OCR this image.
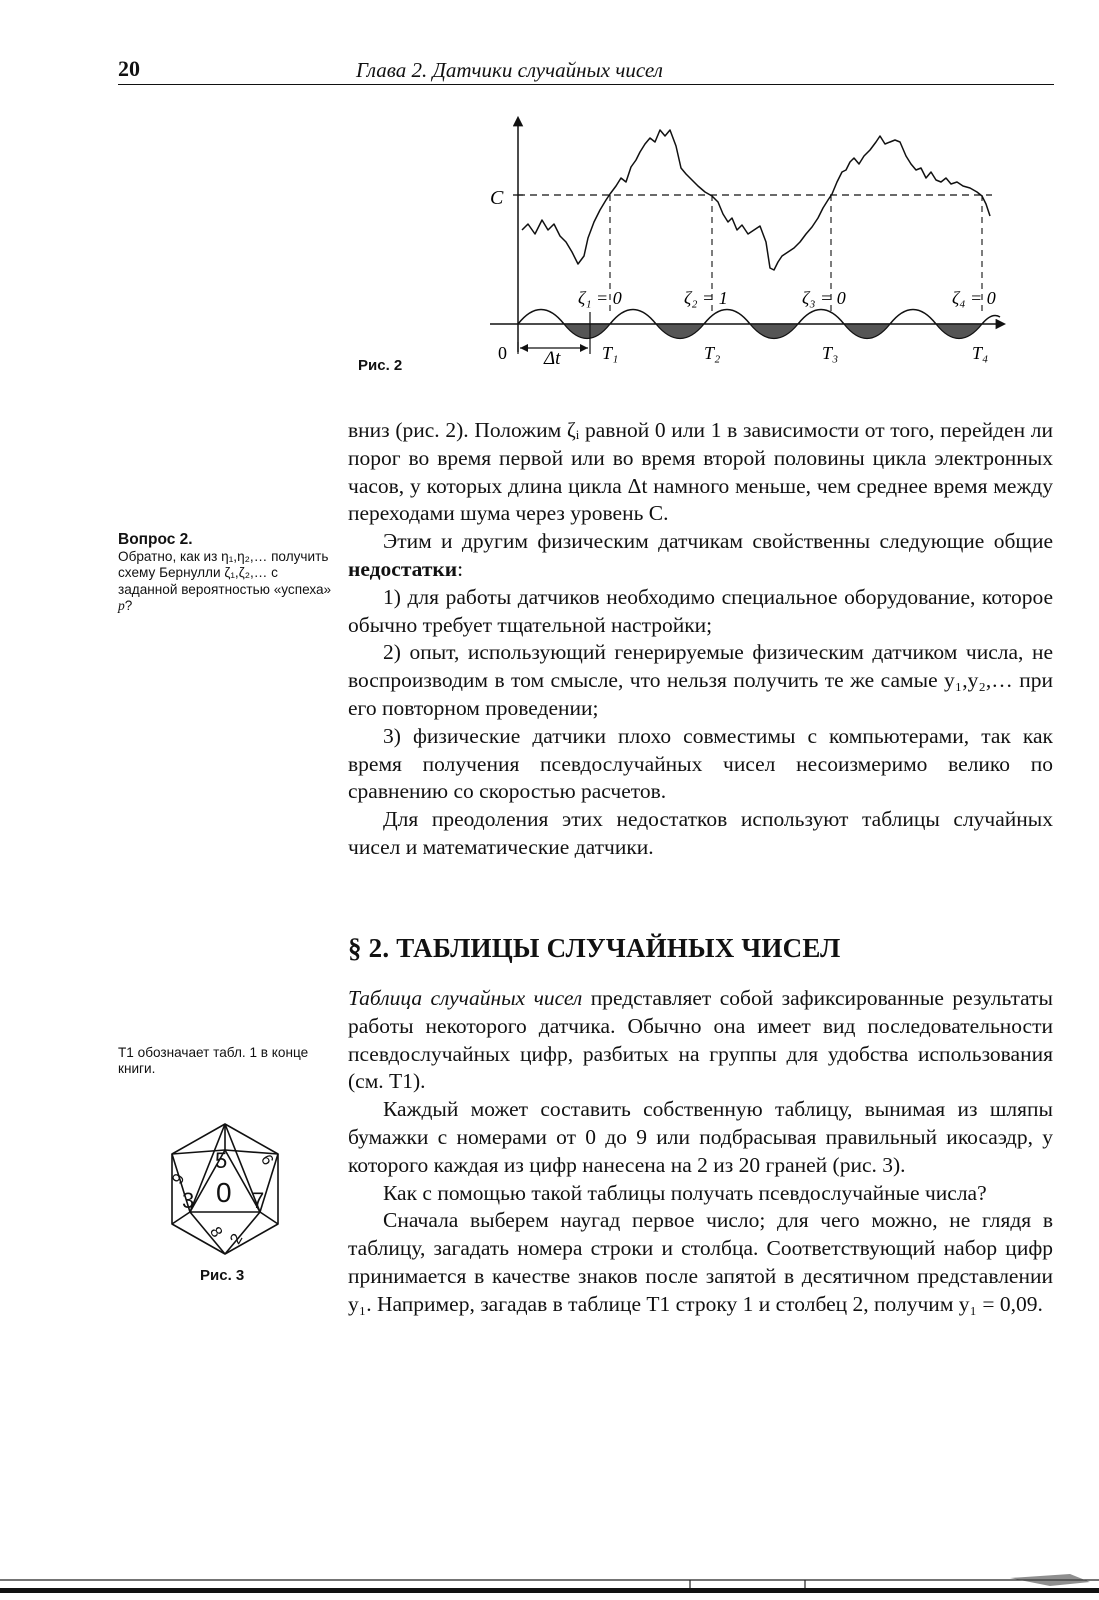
20	Глава 2. Датчики случайных чисел
C
0 Δt
ζ₁ = 0	ζ₂ = 1	ζ₃ = 0	ζ₄ = 0
T₁	T₂	T₃	T₄
Рис. 2

вниз (рис. 2). Положим ζᵢ равной 0 или 1 в зависимости от того, перейден ли порог во время первой или во время второй половины цикла электронных часов, у которых длина цикла Δt намного меньше, чем среднее время между переходами шума через уровень C.

Этим и другим физическим датчикам свойственны следующие общие недостатки:

1) для работы датчиков необходимо специальное оборудование, которое обычно требует тщательной настройки;

2) опыт, использующий генерируемые физическим датчиком числа, не воспроизводим в том смысле, что нельзя получить те же самые y₁,y₂,… при его повторном проведении;

3) физические датчики плохо совместимы с компьютерами, так как время получения псевдослучайных чисел несоизмеримо велико по сравнению со скоростью расчетов.

Для преодоления этих недостатков используют таблицы случайных чисел и математические датчики.

§ 2. ТАБЛИЦЫ СЛУЧАЙНЫХ ЧИСЕЛ

Таблица случайных чисел представляет собой зафиксированные результаты работы некоторого датчика. Обычно она имеет вид последовательности псевдослучайных цифр, разбитых на группы для удобства использования (см. T1).

Каждый может составить собственную таблицу, вынимая из шляпы бумажки с номерами от 0 до 9 или подбрасывая правильный икосаэдр, у которого каждая из цифр нанесена на 2 из 20 граней (рис. 3).

Как с помощью такой таблицы получать псевдослучайные числа?

Сначала выберем наугад первое число; для чего можно, не глядя в таблицу, загадать номера строки и столбца. Соответствующий набор цифр принимается в качестве знаков после запятой в десятичном представлении y₁. Например, загадав в таблице T1 строку 1 и столбец 2, получим y₁ = 0,09.

Вопрос 2.
Обратно, как из η₁,η₂,… получить схему Бернулли ζ₁,ζ₂,… с заданной вероятностью «успеха» p?
T1 обозначает табл. 1 в конце книги.
5
3 0 7
9
6
8 2
Рис. 3
